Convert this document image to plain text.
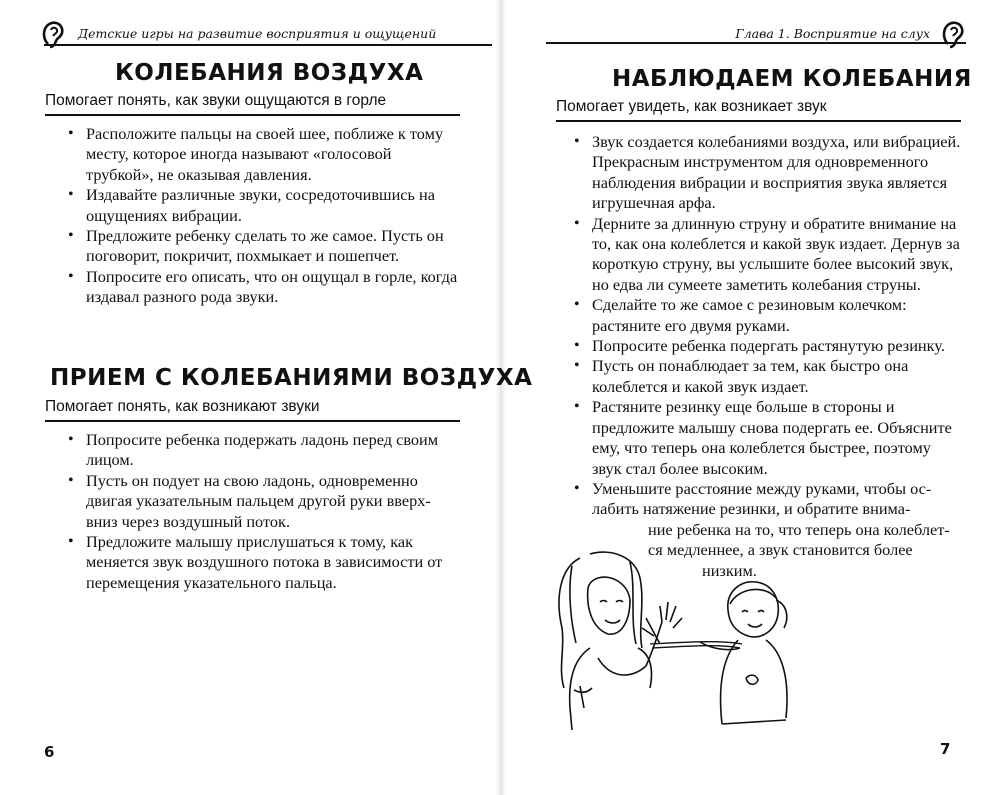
Детские игры на развитие восприятия и ощущений
КОЛЕБАНИЯ ВОЗДУХА
Помогает понять, как звуки ощущаются в горле
• Расположите пальцы на своей шее, поближе к тому месту, которое иногда называют «голосовой трубкой», не оказывая давления.
• Издавайте различные звуки, сосредоточившись на ощущениях вибрации.
• Предложите ребенку сделать то же самое. Пусть он поговорит, покричит, похмыкает и пошепчет.
• Попросите его описать, что он ощущал в горле, когда издавал разного рода звуки.
ПРИЕМ С КОЛЕБАНИЯМИ ВОЗДУХА
Помогает понять, как возникают звуки
• Попросите ребенка подержать ладонь перед своим лицом.
• Пусть он подует на свою ладонь, одновременно двигая указательным пальцем другой руки вверх-вниз через воздушный поток.
• Предложите малышу прислушаться к тому, как меняется звук воздушного потока в зависимости от перемещения указательного пальца.
6
Глава 1. Восприятие на слух
НАБЛЮДАЕМ КОЛЕБАНИЯ
Помогает увидеть, как возникает звук
• Звук создается колебаниями воздуха, или вибрацией. Прекрасным инструментом для одновременного наблюдения вибрации и восприятия звука является игрушечная арфа.
• Дерните за длинную струну и обратите внимание на то, как она колеблется и какой звук издает. Дернув за короткую струну, вы услышите более высокий звук, но едва ли сумеете заметить колебания струны.
• Сделайте то же самое с резиновым колечком: растяните его двумя руками.
• Попросите ребенка подергать растянутую резинку.
• Пусть он понаблюдает за тем, как быстро она колеблется и какой звук издает.
• Растяните резинку еще больше в стороны и предложите малышу снова подергать ее. Объясните ему, что теперь она колеблется быстрее, поэтому звук стал более высоким.
• Уменьшите расстояние между руками, чтобы ос-
лабить натяжение резинки, и обратите внима-
ние ребенка на то, что теперь она колеблет-
ся медленнее, а звук становится более
низким.
7
